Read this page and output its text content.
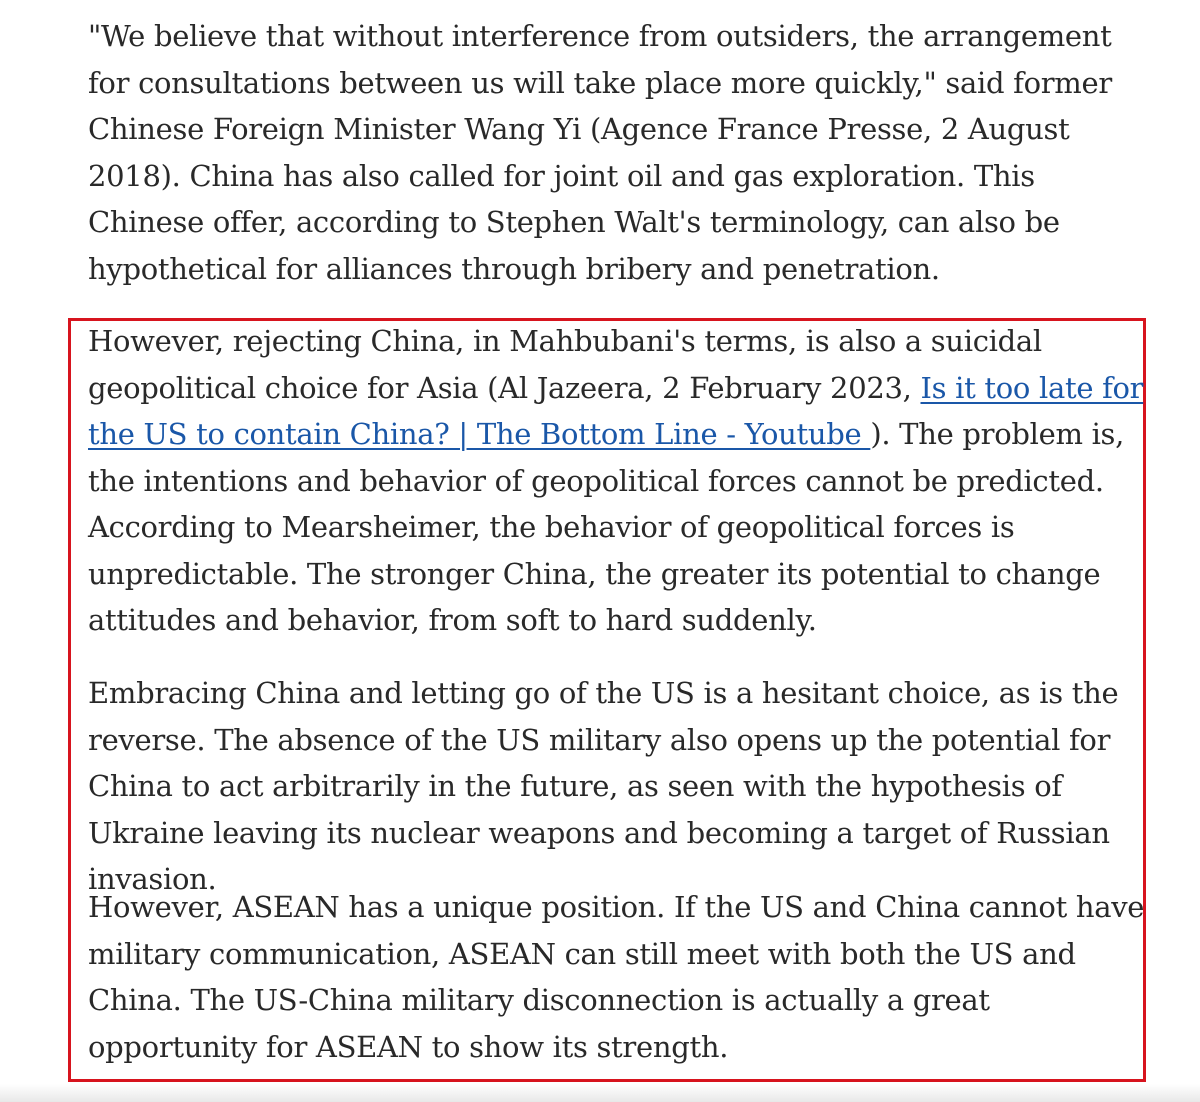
"We believe that without interference from outsiders, the arrangement for consultations between us will take place more quickly," said former Chinese Foreign Minister Wang Yi (Agence France Presse, 2 August 2018). China has also called for joint oil and gas exploration. This Chinese offer, according to Stephen Walt's terminology, can also be hypothetical for alliances through bribery and penetration.

However, rejecting China, in Mahbubani's terms, is also a suicidal geopolitical choice for Asia (Al Jazeera, 2 February 2023, Is it too late for the US to contain China? | The Bottom Line - Youtube ). The problem is, the intentions and behavior of geopolitical forces cannot be predicted. According to Mearsheimer, the behavior of geopolitical forces is unpredictable. The stronger China, the greater its potential to change attitudes and behavior, from soft to hard suddenly.

Embracing China and letting go of the US is a hesitant choice, as is the reverse. The absence of the US military also opens up the potential for China to act arbitrarily in the future, as seen with the hypothesis of Ukraine leaving its nuclear weapons and becoming a target of Russian invasion.

However, ASEAN has a unique position. If the US and China cannot have military communication, ASEAN can still meet with both the US and China. The US-China military disconnection is actually a great opportunity for ASEAN to show its strength.
